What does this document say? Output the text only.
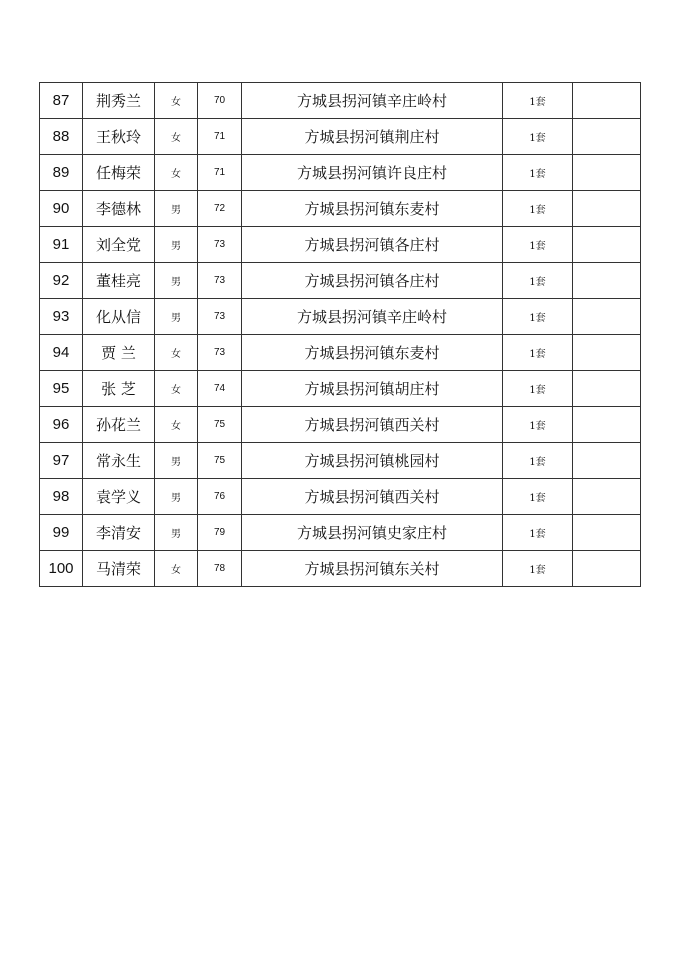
87	荆秀兰	女	70	方城县拐河镇辛庄岭村	1套	
88	王秋玲	女	71	方城县拐河镇荆庄村	1套	
89	任梅荣	女	71	方城县拐河镇许良庄村	1套	
90	李德林	男	72	方城县拐河镇东麦村	1套	
91	刘全党	男	73	方城县拐河镇各庄村	1套	
92	董桂亮	男	73	方城县拐河镇各庄村	1套	
93	化从信	男	73	方城县拐河镇辛庄岭村	1套	
94	贾 兰	女	73	方城县拐河镇东麦村	1套	
95	张 芝	女	74	方城县拐河镇胡庄村	1套	
96	孙花兰	女	75	方城县拐河镇西关村	1套	
97	常永生	男	75	方城县拐河镇桃园村	1套	
98	袁学义	男	76	方城县拐河镇西关村	1套	
99	李清安	男	79	方城县拐河镇史家庄村	1套	
100	马清荣	女	78	方城县拐河镇东关村	1套	
